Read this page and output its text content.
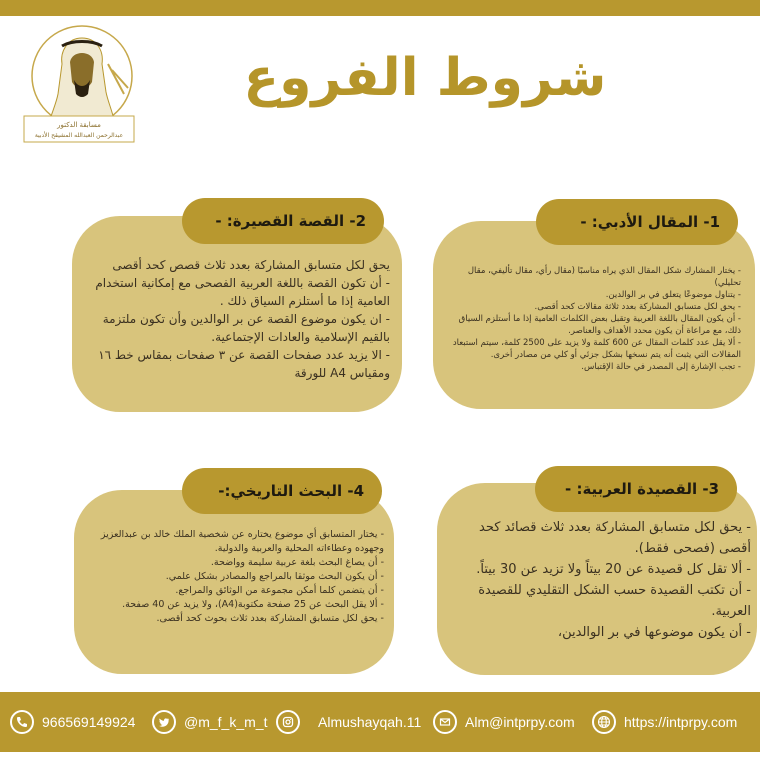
مسابقة الدكتور
عبدالرحمن العبدالله المشيقح الأدبية
شروط الفروع
- يختار المشارك شكل المقال الذي يراه مناسبًا (مقال رأي، مقال تأليفي، مقال تحليلي)
- يتناول موضوعًا يتعلق في بر الوالدين.
- يحق لكل متسابق المشاركة بعدد ثلاثة مقالات كحد أقصى.
- أن يكون المقال باللغة العربية وتقبل بعض الكلمات العامية إذا ما أستلزم السياق ذلك، مع مراعاة أن يكون محدد الأهداف والعناصر.
- ألا يقل عدد كلمات المقال عن 600 كلمة ولا يزيد على 2500 كلمة، سيتم استبعاد المقالات التي يثبت أنه يتم نسخها بشكل جزئي أو كلي من مصادر أخرى.
- تجب الإشارة إلى المصدر في حالة الإقتباس.
1- المقال الأدبي: -
يحق لكل متسابق المشاركة بعدد ثلاث قصص كحد أقصى
- أن تكون القصة باللغة العربية الفصحى مع إمكانية استخدام العامية إذا ما أستلزم السياق ذلك .
- ان يكون موضوع القصة عن بر الوالدين وأن تكون ملتزمة بالقيم الإسلامية والعادات الإجتماعية.
- الا يزيد عدد صفحات القصة عن ٣ صفحات بمقاس خط ١٦ ومقياس A4 للورقة
2- القصة القصيرة: -
- يحق لكل متسابق المشاركة بعدد ثلاث قصائد كحد أقصى (فصحى فقط).
- ألا تقل كل قصيدة عن 20 بيتاً ولا تزيد عن 30 بيتاً.
- أن تكتب القصيدة حسب الشكل التقليدي للقصيدة العربية.
- أن يكون موضوعها في بر الوالدين،
3- القصيدة العربية: -
- يختار المتسابق أي موضوع يختاره عن شخصية الملك خالد بن عبدالعزيز وجهوده وعطاءاته المحلية والعربية والدولية.
- أن يصاغ البحث بلغة عربية سليمة وواضحة.
- أن يكون البحث موثقا بالمراجع والمصادر بشكل علمي.
- أن يتضمن كلما أمكن مجموعة من الوثائق والمراجع.
- ألا يقل البحث عن 25 صفحة مكتوبة(A4)، ولا يزيد عن 40 صفحة.
- يحق لكل متسابق المشاركة بعدد ثلاث بحوث كحد أقصى.
4- البحث التاريخي:-
966569149924	@m_f_k_m_t	Almushayqah.11	Alm@intprpy.com	https://intprpy.com
